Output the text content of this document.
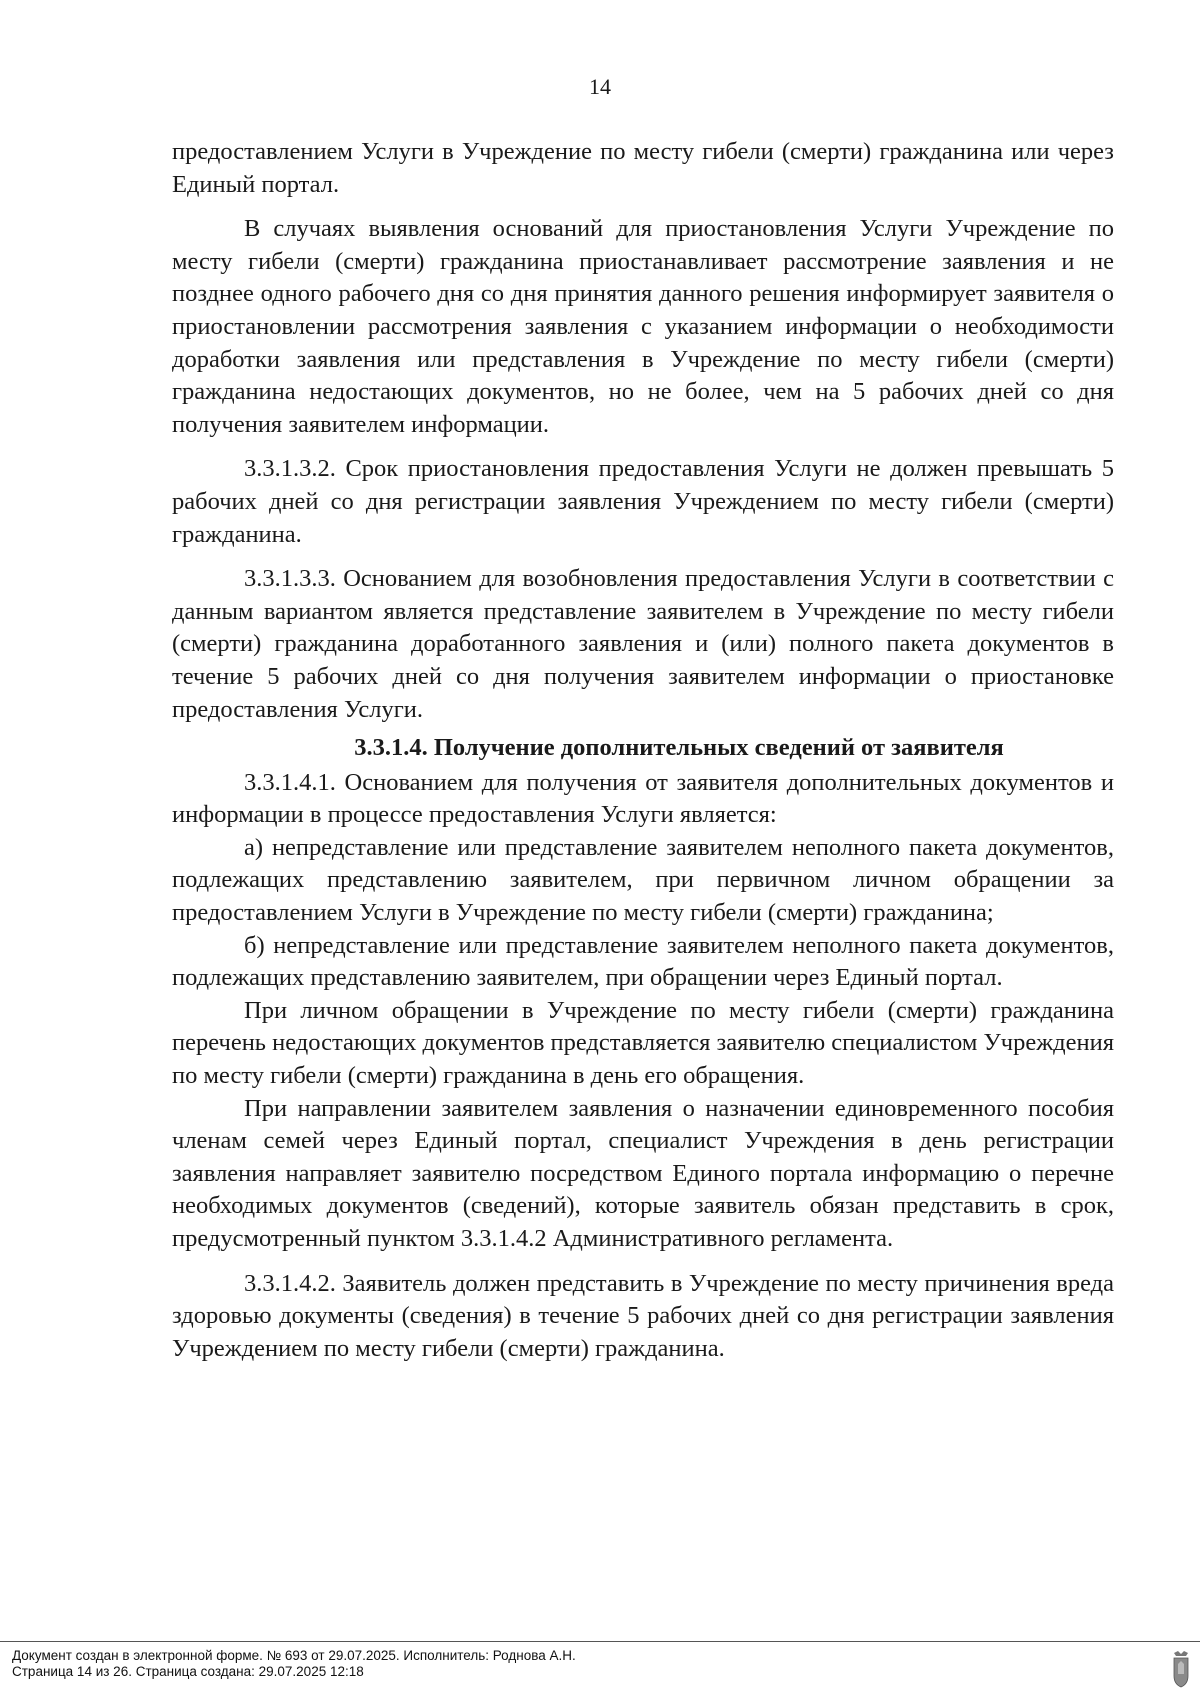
14

предоставлением Услуги в Учреждение по месту гибели (смерти) гражданина или через Единый портал.

В случаях выявления оснований для приостановления Услуги Учреждение по месту гибели (смерти) гражданина приостанавливает рассмотрение заявления и не позднее одного рабочего дня со дня принятия данного решения информирует заявителя о приостановлении рассмотрения заявления с указанием информации о необходимости доработки заявления или представления в Учреждение по месту гибели (смерти) гражданина недостающих документов, но не более, чем на 5 рабочих дней со дня получения заявителем информации.

3.3.1.3.2. Срок приостановления предоставления Услуги не должен превышать 5 рабочих дней со дня регистрации заявления Учреждением по месту гибели (смерти) гражданина.

3.3.1.3.3. Основанием для возобновления предоставления Услуги в соответствии с данным вариантом является представление заявителем в Учреждение по месту гибели (смерти) гражданина доработанного заявления и (или) полного пакета документов в течение 5 рабочих дней со дня получения заявителем информации о приостановке предоставления Услуги.

3.3.1.4. Получение дополнительных сведений от заявителя

3.3.1.4.1. Основанием для получения от заявителя дополнительных документов и информации в процессе предоставления Услуги является:

а) непредставление или представление заявителем неполного пакета документов, подлежащих представлению заявителем, при первичном личном обращении за предоставлением Услуги в Учреждение по месту гибели (смерти) гражданина;

б) непредставление или представление заявителем неполного пакета документов, подлежащих представлению заявителем, при обращении через Единый портал.

При личном обращении в Учреждение по месту гибели (смерти) гражданина перечень недостающих документов представляется заявителю специалистом Учреждения по месту гибели (смерти) гражданина в день его обращения.

При направлении заявителем заявления о назначении единовременного пособия членам семей через Единый портал, специалист Учреждения в день регистрации заявления направляет заявителю посредством Единого портала информацию о перечне необходимых документов (сведений), которые заявитель обязан представить в срок, предусмотренный пунктом 3.3.1.4.2 Административного регламента.

3.3.1.4.2. Заявитель должен представить в Учреждение по месту причинения вреда здоровью документы (сведения) в течение 5 рабочих дней со дня регистрации заявления Учреждением по месту гибели (смерти) гражданина.

Документ создан в электронной форме. № 693 от 29.07.2025. Исполнитель: Роднова А.Н.
Страница 14 из 26. Страница создана: 29.07.2025 12:18
